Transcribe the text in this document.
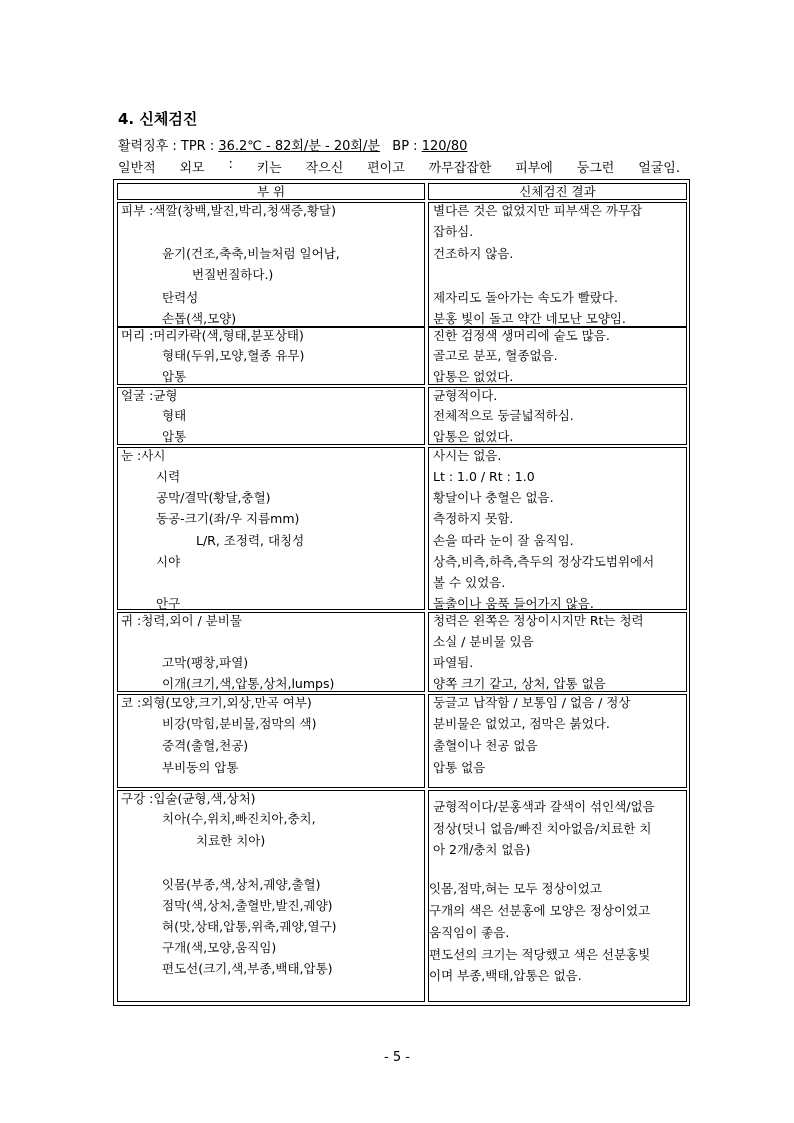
4. 신체검진
활력징후 : TPR : 36.2℃ - 82회/분 - 20회/분 BP : 120/80
일반적 외모 : 키는 작으신 편이고 까무잡잡한 피부에 둥그런 얼굴임.
부 위	신체검진 결과
피부 :색깔(창백,발진,박리,청색증,황달)
윤기(건조,축축,비늘처럼 일어남,
번질번질하다.)
탄력성
손톱(색,모양)
별다른 것은 없었지만 피부색은 까무잡
잡하심.
건조하지 않음.
제자리도 돌아가는 속도가 빨랐다.
분홍 빛이 돌고 약간 네모난 모양임.
머리 :머리카락(색,형태,분포상태)
형태(두위,모양,혈종 유무)
압통
진한 검정색 생머리에 숱도 많음.
골고로 분포, 혈종없음.
압통은 없었다.
얼굴 :균형
형태
압통
균형적이다.
전체적으로 둥글넓적하심.
압통은 없었다.
눈 :사시
시력
공막/결막(황달,충혈)
동공-크기(좌/우 지름mm)
L/R, 조정력, 대칭성
시야
안구
사시는 없음.
Lt : 1.0 / Rt : 1.0
황달이나 충혈은 없음.
측정하지 못함.
손을 따라 눈이 잘 움직임.
상측,비측,하측,측두의 정상각도범위에서
볼 수 있었음.
돌출이나 움푹 들어가지 않음.
귀 :청력,외이 / 분비물
고막(팽창,파열)
이개(크기,색,압통,상처,lumps)
청력은 왼쪽은 정상이시지만 Rt는 청력
소실 / 분비물 있음
파열됨.
양쪽 크기 같고, 상처, 압통 없음
코 :외형(모양,크기,외상,만곡 여부)
비강(막힘,분비물,점막의 색)
중격(출혈,천공)
부비동의 압통
둥글고 납작함 / 보통임 / 없음 / 정상
분비물은 없었고, 점막은 붉었다.
출혈이나 천공 없음
압통 없음
구강 :입술(균형,색,상처)
치아(수,위치,빠진치아,충치,
치료한 치아)
잇몸(부종,색,상처,궤양,출혈)
점막(색,상처,출혈반,발진,궤양)
혀(맛,상태,압통,위축,궤양,열구)
구개(색,모양,움직임)
편도선(크기,색,부종,백태,압통)
균형적이다/분홍색과 갈색이 섞인색/없음
정상(덧니 없음/빠진 치아없음/치료한 치
아 2개/충치 없음)
잇몸,점막,혀는 모두 정상이었고
구개의 색은 선분홍에 모양은 정상이었고
움직임이 좋음.
편도선의 크기는 적당했고 색은 선분홍빛
이며 부종,백태,압통은 없음.
- 5 -
